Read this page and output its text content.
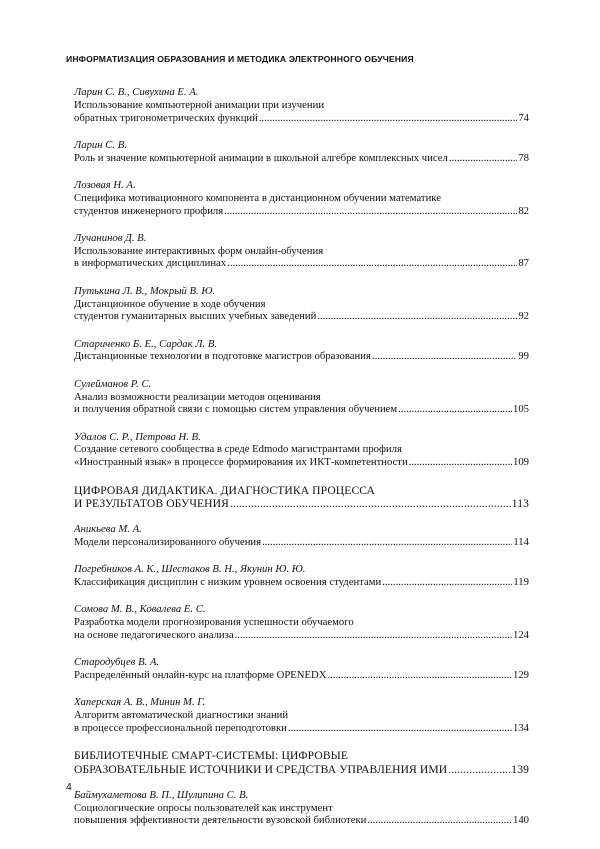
ИНФОРМАТИЗАЦИЯ ОБРАЗОВАНИЯ И МЕТОДИКА ЭЛЕКТРОННОГО ОБУЧЕНИЯ
Ларин С. В., Сивухина Е. А.
Использование компьютерной анимации при изучении
обратных тригонометрических функций .....	74
Ларин С. В.
Роль и значение компьютерной анимации в школьной алгебре комплексных чисел .....	78
Лозовая Н. А.
Специфика мотивационного компонента в дистанционном обучении математике
студентов инженерного профиля .....	82
Лучанинов Д. В.
Использование интерактивных форм онлайн-обучения
в информатических дисциплинах .....	87
Путькина Л. В., Мокрый В. Ю.
Дистанционное обучение в ходе обучения
студентов гуманитарных высших учебных заведений .....	92
Стариченко Б. Е., Сардак Л. В.
Дистанционные технологии в подготовке магистров образования .....	99
Сулейманов Р. С.
Анализ возможности реализации методов оценивания
и получения обратной связи с помощью систем управления обучением .....	105
Удалов С. Р., Петрова Н. В.
Создание сетевого сообщества в среде Edmodo магистрантами профиля
«Иностранный язык» в процессе формирования их ИКТ-компетентности .....	109
ЦИФРОВАЯ ДИДАКТИКА. ДИАГНОСТИКА ПРОЦЕССА
И РЕЗУЛЬТАТОВ ОБУЧЕНИЯ .....	113
Аникьева М. А.
Модели персонализированного обучения .....	114
Погребников А. К., Шестаков В. Н., Якунин Ю. Ю.
Классификация дисциплин с низким уровнем освоения студентами .....	119
Сомова М. В., Ковалева Е. С.
Разработка модели прогнозирования успешности обучаемого
на основе педагогического анализа .....	124
Стародубцев В. А.
Распределённый онлайн-курс на платформе OPENEDX .....	129
Хаперская А. В., Минин М. Г.
Алгоритм автоматической диагностики знаний
в процессе профессиональной переподготовки .....	134
БИБЛИОТЕЧНЫЕ СМАРТ-СИСТЕМЫ: ЦИФРОВЫЕ
ОБРАЗОВАТЕЛЬНЫЕ ИСТОЧНИКИ И СРЕДСТВА УПРАВЛЕНИЯ ИМИ .....	139
Баймухаметова В. П., Шулипина С. В.
Социологические опросы пользователей как инструмент
повышения эффективности деятельности вузовской библиотеки .....	140
4
